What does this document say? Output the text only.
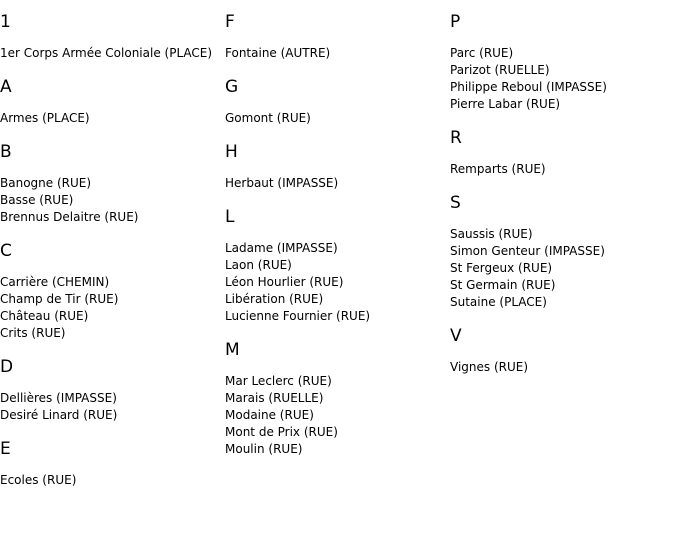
1
1er Corps Armée Coloniale (PLACE)
A
Armes (PLACE)
B
Banogne (RUE)
Basse (RUE)
Brennus Delaitre (RUE)
C
Carrière (CHEMIN)
Champ de Tir (RUE)
Château (RUE)
Crits (RUE)
D
Dellières (IMPASSE)
Desiré Linard (RUE)
E
Ecoles (RUE)
F
Fontaine (AUTRE)
G
Gomont (RUE)
H
Herbaut (IMPASSE)
L
Ladame (IMPASSE)
Laon (RUE)
Léon Hourlier (RUE)
Libération (RUE)
Lucienne Fournier (RUE)
M
Mar Leclerc (RUE)
Marais (RUELLE)
Modaine (RUE)
Mont de Prix (RUE)
Moulin (RUE)
P
Parc (RUE)
Parizot (RUELLE)
Philippe Reboul (IMPASSE)
Pierre Labar (RUE)
R
Remparts (RUE)
S
Saussis (RUE)
Simon Genteur (IMPASSE)
St Fergeux (RUE)
St Germain (RUE)
Sutaine (PLACE)
V
Vignes (RUE)
